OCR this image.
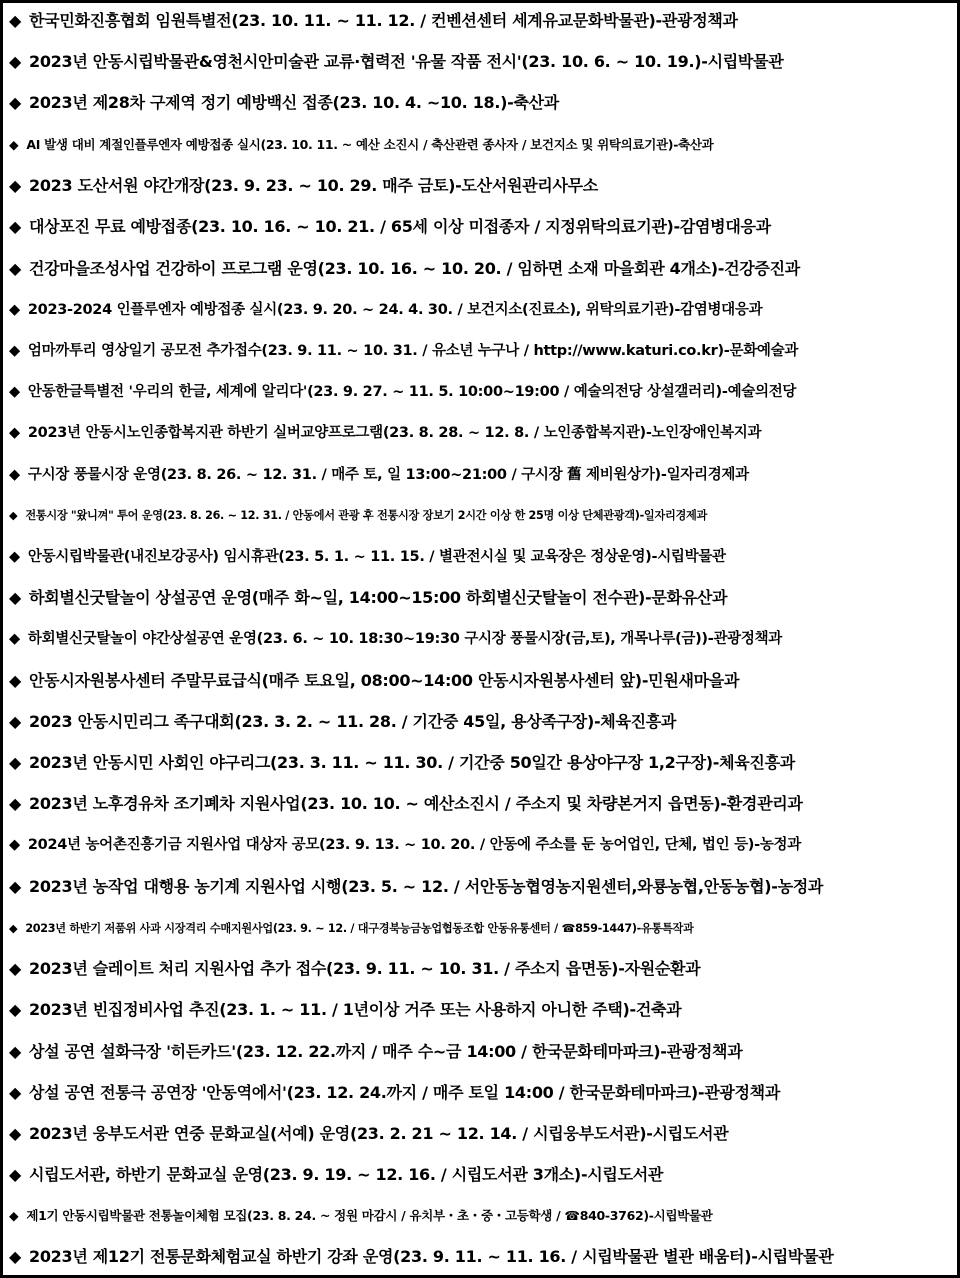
◆ 한국민화진흥협회 임원특별전(23. 10. 11. ~ 11. 12. / 컨벤션센터 세계유교문화박물관)-관광정책과
◆ 2023년 안동시립박물관&영천시안미술관 교류·협력전 '유물 작품 전시'(23. 10. 6. ~ 10. 19.)-시립박물관
◆ 2023년 제28차 구제역 정기 예방백신 접종(23. 10. 4. ~10. 18.)-축산과
◆ AI 발생 대비 계절인플루엔자 예방접종 실시(23. 10. 11. ~ 예산 소진시 / 축산관련 종사자 / 보건지소 및 위탁의료기관)-축산과
◆ 2023 도산서원 야간개장(23. 9. 23. ~ 10. 29. 매주 금토)-도산서원관리사무소
◆ 대상포진 무료 예방접종(23. 10. 16. ~ 10. 21. / 65세 이상 미접종자 / 지정위탁의료기관)-감염병대응과
◆ 건강마을조성사업 건강하이 프로그램 운영(23. 10. 16. ~ 10. 20. / 임하면 소재 마을회관 4개소)-건강증진과
◆ 2023-2024 인플루엔자 예방접종 실시(23. 9. 20. ~ 24. 4. 30. / 보건지소(진료소), 위탁의료기관)-감염병대응과
◆ 엄마까투리 영상일기 공모전 추가접수(23. 9. 11. ~ 10. 31. / 유소년 누구나 / http://www.katuri.co.kr)-문화예술과
◆ 안동한글특별전 '우리의 한글, 세계에 알리다'(23. 9. 27. ~ 11. 5. 10:00~19:00 / 예술의전당 상설갤러리)-예술의전당
◆ 2023년 안동시노인종합복지관 하반기 실버교양프로그램(23. 8. 28. ~ 12. 8. / 노인종합복지관)-노인장애인복지과
◆ 구시장 풍물시장 운영(23. 8. 26. ~ 12. 31. / 매주 토, 일 13:00~21:00 / 구시장 舊 제비원상가)-일자리경제과
◆ 전통시장 "왔니껴" 투어 운영(23. 8. 26. ~ 12. 31. / 안동에서 관광 후 전통시장 장보기 2시간 이상 한 25명 이상 단체관광객)-일자리경제과
◆ 안동시립박물관(내진보강공사) 임시휴관(23. 5. 1. ~ 11. 15. / 별관전시실 및 교육장은 정상운영)-시립박물관
◆ 하회별신굿탈놀이 상설공연 운영(매주 화~일, 14:00~15:00 하회별신굿탈놀이 전수관)-문화유산과
◆ 하회별신굿탈놀이 야간상설공연 운영(23. 6. ~ 10. 18:30~19:30 구시장 풍물시장(금,토), 개목나루(금))-관광정책과
◆ 안동시자원봉사센터 주말무료급식(매주 토요일, 08:00~14:00 안동시자원봉사센터 앞)-민원새마을과
◆ 2023 안동시민리그 족구대회(23. 3. 2. ~ 11. 28. / 기간중 45일, 용상족구장)-체육진흥과
◆ 2023년 안동시민 사회인 야구리그(23. 3. 11. ~ 11. 30. / 기간중 50일간 용상야구장 1,2구장)-체육진흥과
◆ 2023년 노후경유차 조기폐차 지원사업(23. 10. 10. ~ 예산소진시 / 주소지 및 차량본거지 읍면동)-환경관리과
◆ 2024년 농어촌진흥기금 지원사업 대상자 공모(23. 9. 13. ~ 10. 20. / 안동에 주소를 둔 농어업인, 단체, 법인 등)-농정과
◆ 2023년 농작업 대행용 농기계 지원사업 시행(23. 5. ~ 12. / 서안동농협영농지원센터,와룡농협,안동농협)-농정과
◆ 2023년 하반기 저품위 사과 시장격리 수매지원사업(23. 9. ~ 12. / 대구경북능금농업협동조합 안동유통센터 / ☎859-1447)-유통특작과
◆ 2023년 슬레이트 처리 지원사업 추가 접수(23. 9. 11. ~ 10. 31. / 주소지 읍면동)-자원순환과
◆ 2023년 빈집정비사업 추진(23. 1. ~ 11. / 1년이상 거주 또는 사용하지 아니한 주택)-건축과
◆ 상설 공연 설화극장 '히든카드'(23. 12. 22.까지 / 매주 수~금 14:00 / 한국문화테마파크)-관광정책과
◆ 상설 공연 전통극 공연장 '안동역에서'(23. 12. 24.까지 / 매주 토일 14:00 / 한국문화테마파크)-관광정책과
◆ 2023년 웅부도서관 연중 문화교실(서예) 운영(23. 2. 21 ~ 12. 14. / 시립웅부도서관)-시립도서관
◆ 시립도서관, 하반기 문화교실 운영(23. 9. 19. ~ 12. 16. / 시립도서관 3개소)-시립도서관
◆ 제1기 안동시립박물관 전통놀이체험 모집(23. 8. 24. ~ 정원 마감시 / 유치부・초・중・고등학생 / ☎840-3762)-시립박물관
◆ 2023년 제12기 전통문화체험교실 하반기 강좌 운영(23. 9. 11. ~ 11. 16. / 시립박물관 별관 배움터)-시립박물관
